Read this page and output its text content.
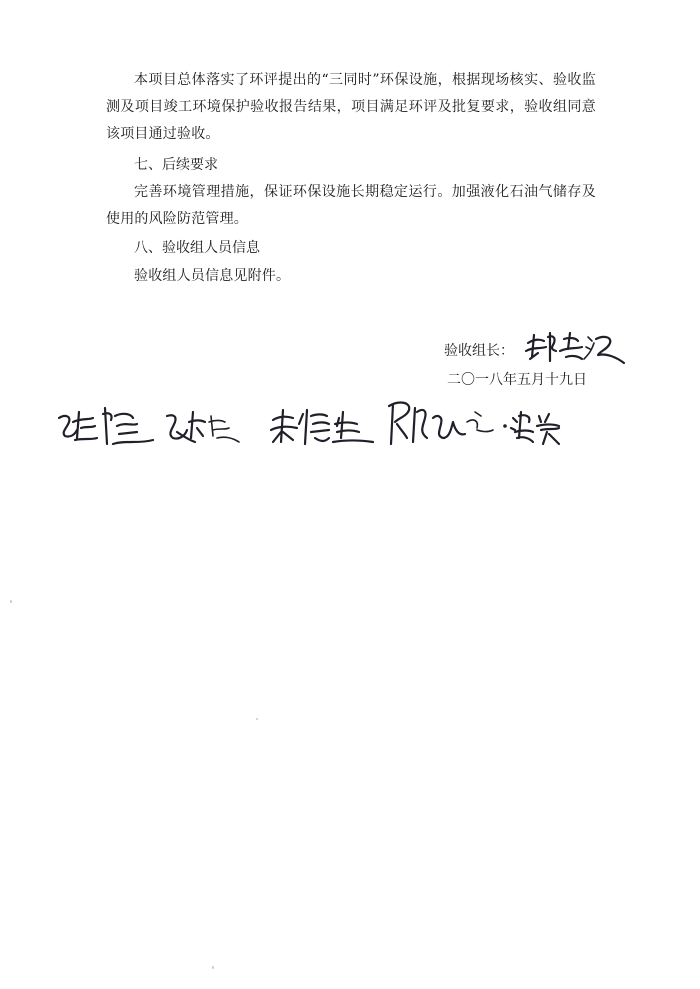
本项目总体落实了环评提出的“三同时”环保设施，根据现场核实、验收监测及项目竣工环境保护验收报告结果，项目满足环评及批复要求，验收组同意该项目通过验收。

七、后续要求

完善环境管理措施，保证环保设施长期稳定运行。加强液化石油气储存及使用的风险防范管理。

八、验收组人员信息

验收组人员信息见附件。

验收组长：
二〇一八年五月十九日
